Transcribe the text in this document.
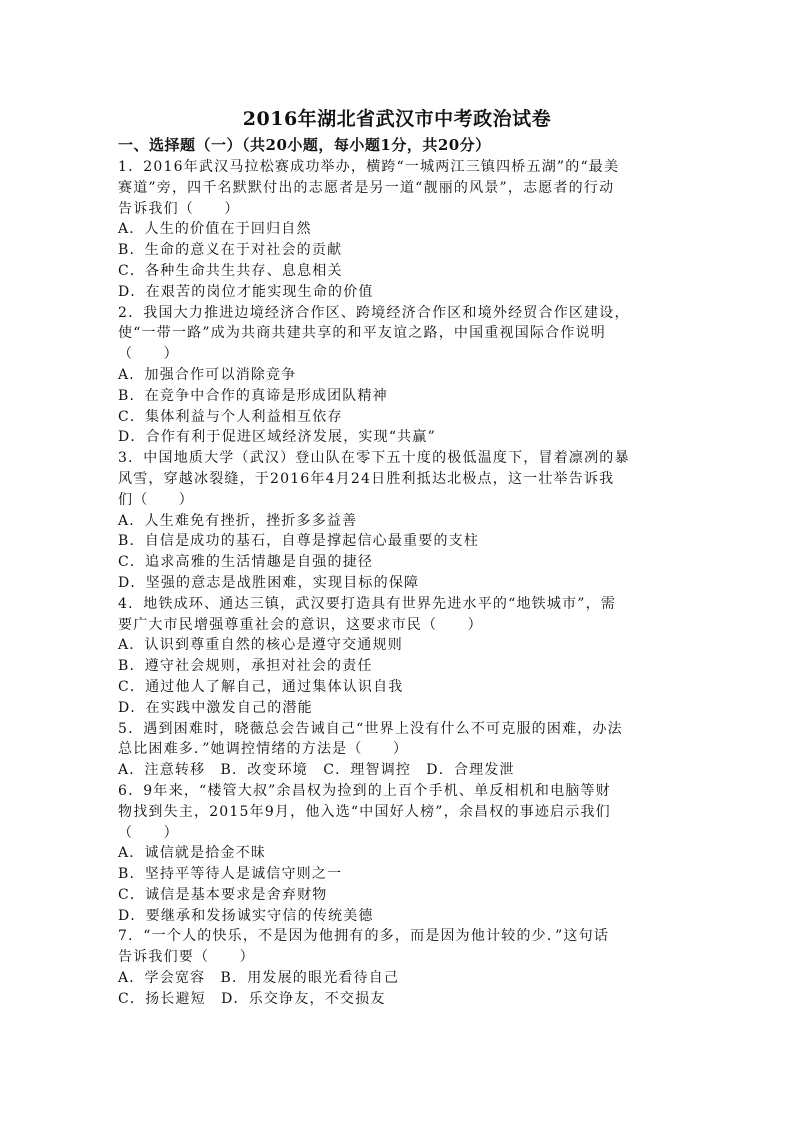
2016年湖北省武汉市中考政治试卷
一、选择题（一）（共20小题，每小题1分，共20分）
1．2016年武汉马拉松赛成功举办，横跨“一城两江三镇四桥五湖”的“最美
赛道”旁，四千名默默付出的志愿者是另一道“靓丽的风景”，志愿者的行动
告诉我们（　　）
A．人生的价值在于回归自然
B．生命的意义在于对社会的贡献
C．各种生命共生共存、息息相关
D．在艰苦的岗位才能实现生命的价值
2．我国大力推进边境经济合作区、跨境经济合作区和境外经贸合作区建设，
使“一带一路”成为共商共建共享的和平友谊之路，中国重视国际合作说明
（　　）
A．加强合作可以消除竞争
B．在竞争中合作的真谛是形成团队精神
C．集体利益与个人利益相互依存
D．合作有利于促进区域经济发展，实现“共赢”
3．中国地质大学（武汉）登山队在零下五十度的极低温度下，冒着凛冽的暴
风雪，穿越冰裂缝，于2016年4月24日胜利抵达北极点，这一壮举告诉我
们（　　）
A．人生难免有挫折，挫折多多益善
B．自信是成功的基石，自尊是撑起信心最重要的支柱
C．追求高雅的生活情趣是自强的捷径
D．坚强的意志是战胜困难，实现目标的保障
4．地铁成环、通达三镇，武汉要打造具有世界先进水平的“地铁城市”，需
要广大市民增强尊重社会的意识，这要求市民（　　）
A．认识到尊重自然的核心是遵守交通规则
B．遵守社会规则，承担对社会的责任
C．通过他人了解自己，通过集体认识自我
D．在实践中激发自己的潜能
5．遇到困难时，晓薇总会告诫自己“世界上没有什么不可克服的困难，办法
总比困难多．”她调控情绪的方法是（　　）
A．注意转移　B．改变环境　C．理智调控　D．合理发泄
6．9年来，“楼管大叔”余昌权为捡到的上百个手机、单反相机和电脑等财
物找到失主，2015年9月，他入选“中国好人榜”，余昌权的事迹启示我们
（　　）
A．诚信就是拾金不昧
B．坚持平等待人是诚信守则之一
C．诚信是基本要求是舍弃财物
D．要继承和发扬诚实守信的传统美德
7．“一个人的快乐，不是因为他拥有的多，而是因为他计较的少．”这句话
告诉我们要（　　）
A．学会宽容　B．用发展的眼光看待自己
C．扬长避短　D．乐交诤友，不交损友
